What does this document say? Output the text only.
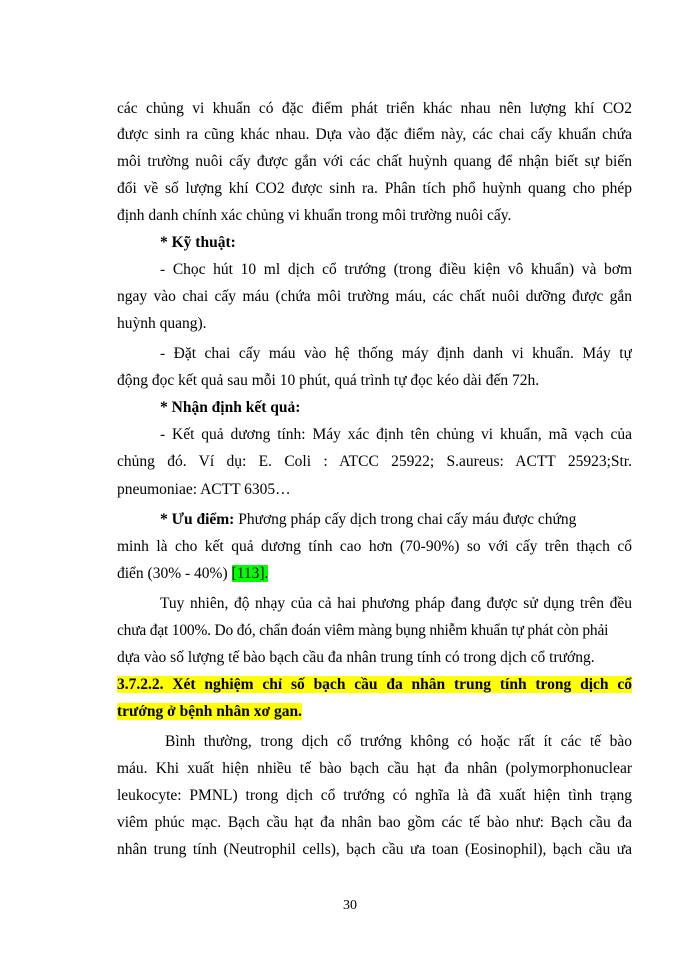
các chủng vi khuẩn có đặc điểm phát triển khác nhau nên lượng khí CO2
được sinh ra cũng khác nhau. Dựa vào đặc điểm này, các chai cấy khuẩn chứa
môi trường nuôi cấy được gắn với các chất huỳnh quang để nhận biết sự biến
đổi về số lượng khí CO2 được sinh ra. Phân tích phổ huỳnh quang cho phép
định danh chính xác chủng vi khuẩn trong môi trường nuôi cấy.
* Kỹ thuật:
- Chọc hút 10 ml dịch cổ trướng (trong điều kiện vô khuẩn) và bơm
ngay vào chai cấy máu (chứa môi trường máu, các chất nuôi dưỡng được gắn
huỳnh quang).
- Đặt chai cấy máu vào hệ thống máy định danh vi khuẩn. Máy tự
động đọc kết quả sau mỗi 10 phút, quá trình tự đọc kéo dài đến 72h.
* Nhận định kết quả:
- Kết quả dương tính: Máy xác định tên chủng vi khuẩn, mã vạch của
chủng đó. Ví dụ: E. Coli : ATCC 25922; S.aureus: ACTT 25923;Str.
pneumoniae: ACTT 6305…
* Ưu điểm: Phương pháp cấy dịch trong chai cấy máu được chứng
minh là cho kết quả dương tính cao hơn (70-90%) so với cấy trên thạch cổ
điển (30% - 40%) [113].
Tuy nhiên, độ nhạy của cả hai phương pháp đang được sử dụng trên đều
chưa đạt 100%. Do đó, chẩn đoán viêm màng bụng nhiễm khuẩn tự phát còn phải
dựa vào số lượng tế bào bạch cầu đa nhân trung tính có trong dịch cổ trướng.
3.7.2.2. Xét nghiệm chỉ số bạch cầu đa nhân trung tính trong dịch cổ
trướng ở bệnh nhân xơ gan.
Bình thường, trong dịch cổ trướng không có hoặc rất ít các tế bào
máu. Khi xuất hiện nhiều tế bào bạch cầu hạt đa nhân (polymorphonuclear
leukocyte: PMNL) trong dịch cổ trướng có nghĩa là đã xuất hiện tình trạng
viêm phúc mạc. Bạch cầu hạt đa nhân bao gồm các tế bào như: Bạch cầu đa
nhân trung tính (Neutrophil cells), bạch cầu ưa toan (Eosinophil), bạch cầu ưa
30
